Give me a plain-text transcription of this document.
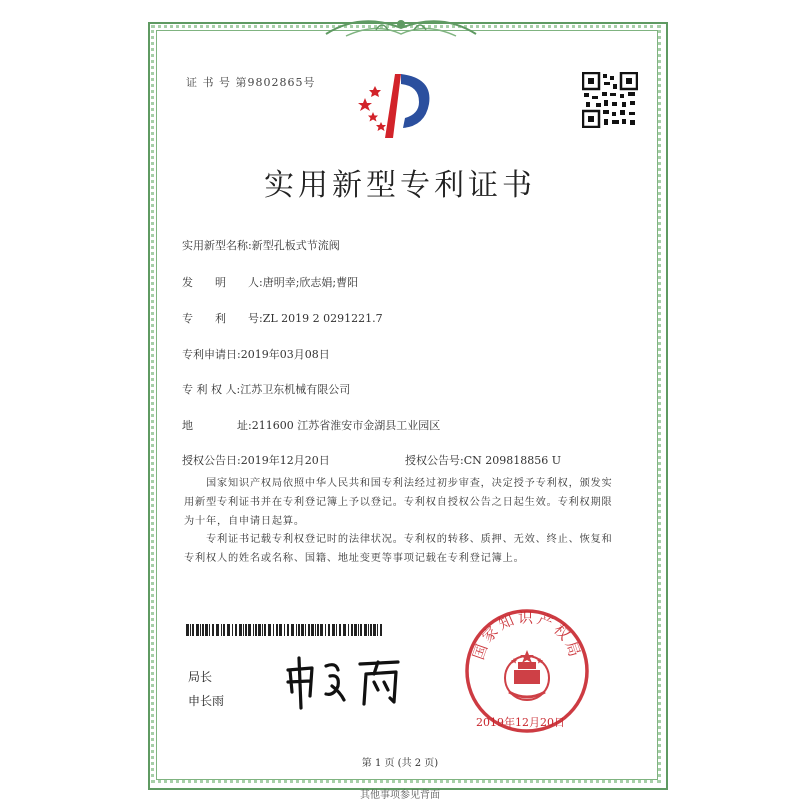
证 书 号 第9802865号
实用新型专利证书
实用新型名称:新型孔板式节流阀
发　　明　　人:唐明幸;欣志娟;曹阳
专　　利　　号:ZL 2019 2 0291221.7
专利申请日:2019年03月08日
专 利 权 人:江苏卫东机械有限公司
地　　　　址:211600 江苏省淮安市金湖县工业园区
授权公告日:2019年12月20日	授权公告号:CN 209818856 U
国家知识产权局依照中华人民共和国专利法经过初步审查，决定授予专利权，颁发实用新型专利证书并在专利登记簿上予以登记。专利权自授权公告之日起生效。专利权期限为十年，自申请日起算。
专利证书记载专利权登记时的法律状况。专利权的转移、质押、无效、终止、恢复和专利权人的姓名或名称、国籍、地址变更等事项记载在专利登记簿上。
局长
申长雨
国家知识产权局
2019年12月20日
第 1 页 (共 2 页)
其他事项参见背面
